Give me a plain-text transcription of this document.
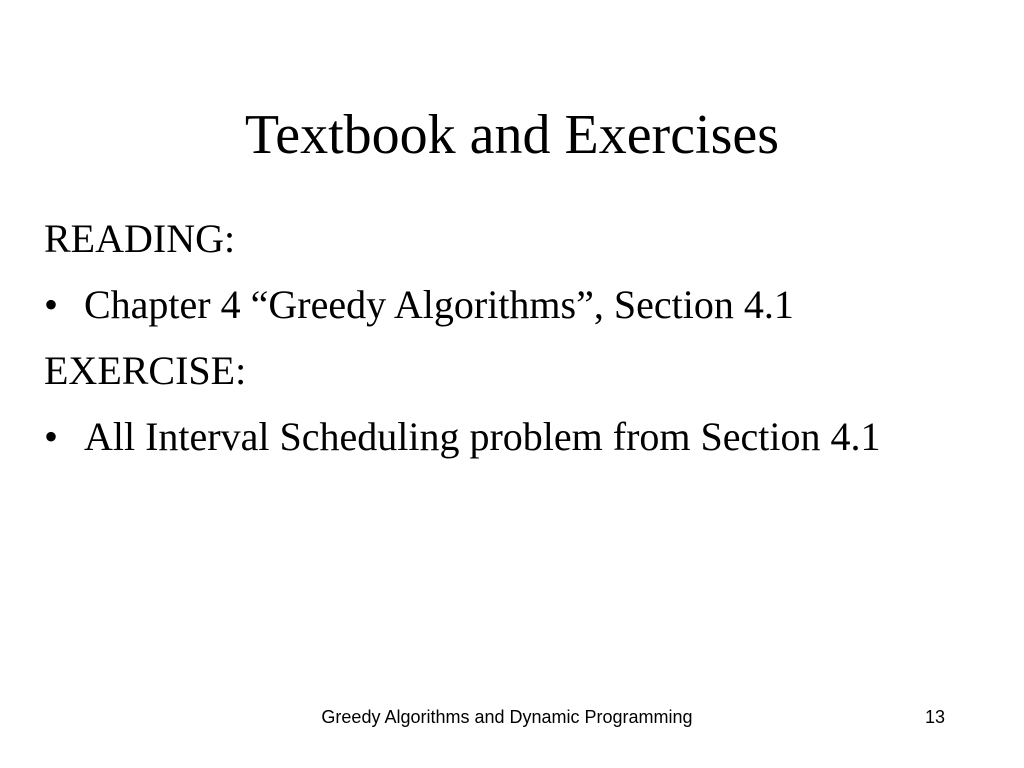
Textbook and Exercises
READING:
• Chapter 4 “Greedy Algorithms”, Section 4.1
EXERCISE:
• All Interval Scheduling problem from Section 4.1
Greedy Algorithms and Dynamic Programming	13
